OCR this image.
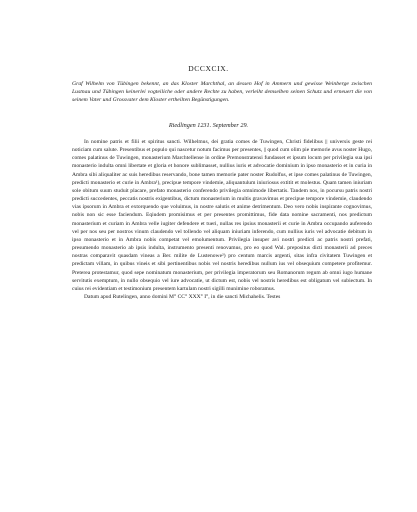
DCCXCIX.

Graf Wilhelm von Tübingen bekennt, an das Kloster Marchthal, an dessen Hof in Ammern und gewisse Weinberge zwischen Lustnau und Tübingen keinerlei vogteiliche oder andere Rechte zu haben, verleiht demselben seinen Schutz und erneuert die von seinem Vater und Grossvater dem Kloster ertheilten Begünstigungen.

Riedlingen 1231. September 29.

In nomine patris et filii et spiritus sancti. Wilhelmus, dei gratia comes de Tuwingen, Christi fidelibus || universis geste rei noticiam cum salute. Presentibus et populo qui nascetur notum facimus per presentes, || quod cum olim pie memorie avus noster Hugo, comes palatinus de Tuwingen, monasterium Marchtellense in ordine Premonstratensi fundasset et ipsum locum per privilegia sua ipsi monasterio indulta omni libertate et gloria et honore sublimasset, nullius iuris et advocatie dominium in ipso monasterio et in curia in Ambra sibi aliqualiter ac suis heredibus reservando, bone tamen memorie pater noster Rudolfus, et ipse comes palatinus de Tuwingen, predicti monasterio et curie in Ambra¹), precipue tempore vindemie, aliquantulum iniuriosus extitit et molestus. Quam tamen iniuriam sole obitum suum studuit placare, prefato monasterio conferendo privilegia omnimode libertatis. Tandem nos, in pocursu patris nostri predicti succedentes, peccatis nostris exigentibus, dictum monasterium in multis gravavimus et precipue tempore vindemie, claudendo vias ipsorum in Ambra et extorquendo que voluimus, in nostre salutis et anime detrimentum. Deo vero nobis inspirante cognovimus, nobis non sic esse faciendum. Eqiudem promisimus et per presentes promittimus, fide data nomine sacramenti, nos predictum monasterium et curiam in Ambra velle iugiter defendere et tueri, nullas res ipsius monasterii et curie in Ambra occupando auferendo vel per nos seu per nostros vinum claudendo vel tollendo vel aliquam iniuriam inferendo, cum nullius iuris vel advocatie debitum in ipso monasterio et in Ambra nobis competat vel emolumentum. Privilegia insuper avi nostri predicti ac patris nostri prefati, presumendo monasterio ab ipsis indulta, instrumento presenti renovamus, pro eo quod Wal. prepositus dicti monasterii ad preces nostras comparavit quasdam vineas a Ber. milite de Lustenowe²) pro centum marcis argenti, sitas infra civitatem Tuwingen et predictam villam, in quibus vineis et sibi pertinentibus nobis vel nostris heredibus nullum ius vel obsequium competere profitemur. Preterea protestamur, quod sepe nominatum monasterium, per privilegia imperatorum seu Romanorum regum ab omni iugo humane servitutis exemptum, in nullo obsequio vel iure advocatie, ut dictum est, nobis vel nostris heredibus est obligatum vel subiectum. In cuius rei evidentiam et testimonium presentem kartulam nostri sigilli munimine roboramus.

Datum apud Rutelingen, anno domini M° CC° XXX° I°, in die sancti Michahelis. Testes
